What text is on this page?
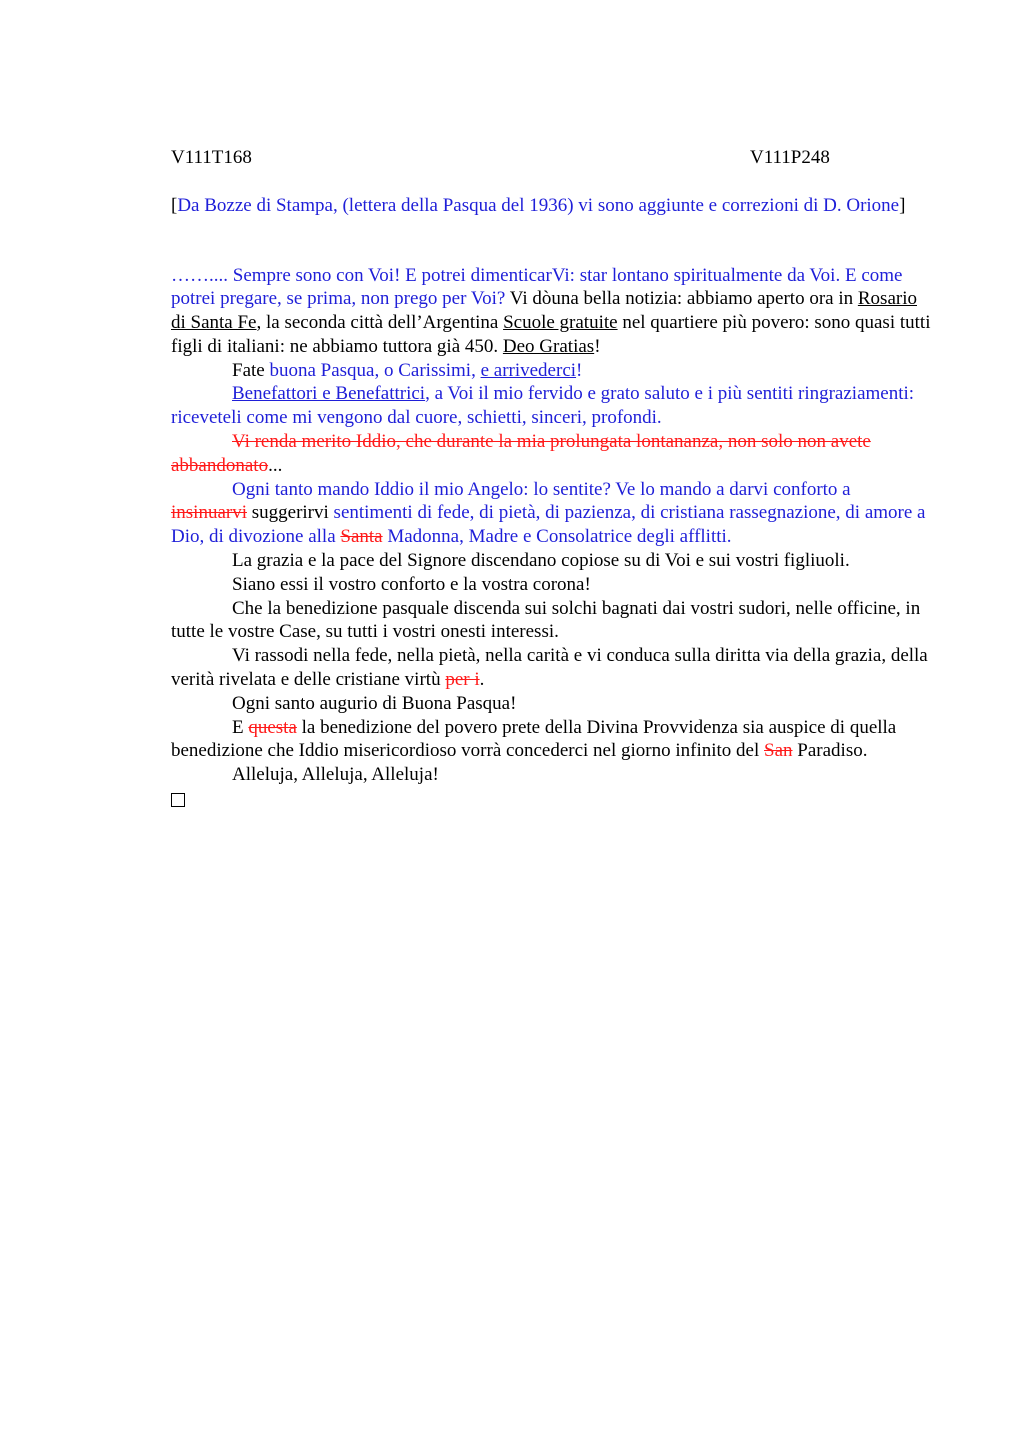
V111T168	V111P248
[Da Bozze di Stampa, (lettera della Pasqua del 1936) vi sono aggiunte e correzioni di D. Orione]

…….... Sempre sono con Voi! E potrei dimenticarVi: star lontano spiritualmente da Voi. E come potrei pregare, se prima, non prego per Voi? Vi dòuna bella notizia: abbiamo aperto ora in Rosario di Santa Fe, la seconda città dell’Argentina Scuole gratuite nel quartiere più povero: sono quasi tutti figli di italiani: ne abbiamo tuttora già 450. Deo Gratias!

Fate buona Pasqua, o Carissimi, e arrivederci!

Benefattori e Benefattrici, a Voi il mio fervido e grato saluto e i più sentiti ringraziamenti: riceveteli come mi vengono dal cuore, schietti, sinceri, profondi.

Vi renda merito Iddio, che durante la mia prolungata lontananza, non solo non avete abbandonato...

Ogni tanto mando Iddio il mio Angelo: lo sentite? Ve lo mando a darvi conforto a insinuarvi suggerirvi sentimenti di fede, di pietà, di pazienza, di cristiana rassegnazione, di amore a Dio, di divozione alla Santa Madonna, Madre e Consolatrice degli afflitti.

La grazia e la pace del Signore discendano copiose su di Voi e sui vostri figliuoli.

Siano essi il vostro conforto e la vostra corona!

Che la benedizione pasquale discenda sui solchi bagnati dai vostri sudori, nelle officine, in tutte le vostre Case, su tutti i vostri onesti interessi.

Vi rassodi nella fede, nella pietà, nella carità e vi conduca sulla diritta via della grazia, della verità rivelata e delle cristiane virtù per i.

Ogni santo augurio di Buona Pasqua!

E questa la benedizione del povero prete della Divina Provvidenza sia auspice di quella benedizione che Iddio misericordioso vorrà concederci nel giorno infinito del San Paradiso.

Alleluja, Alleluja, Alleluja!
